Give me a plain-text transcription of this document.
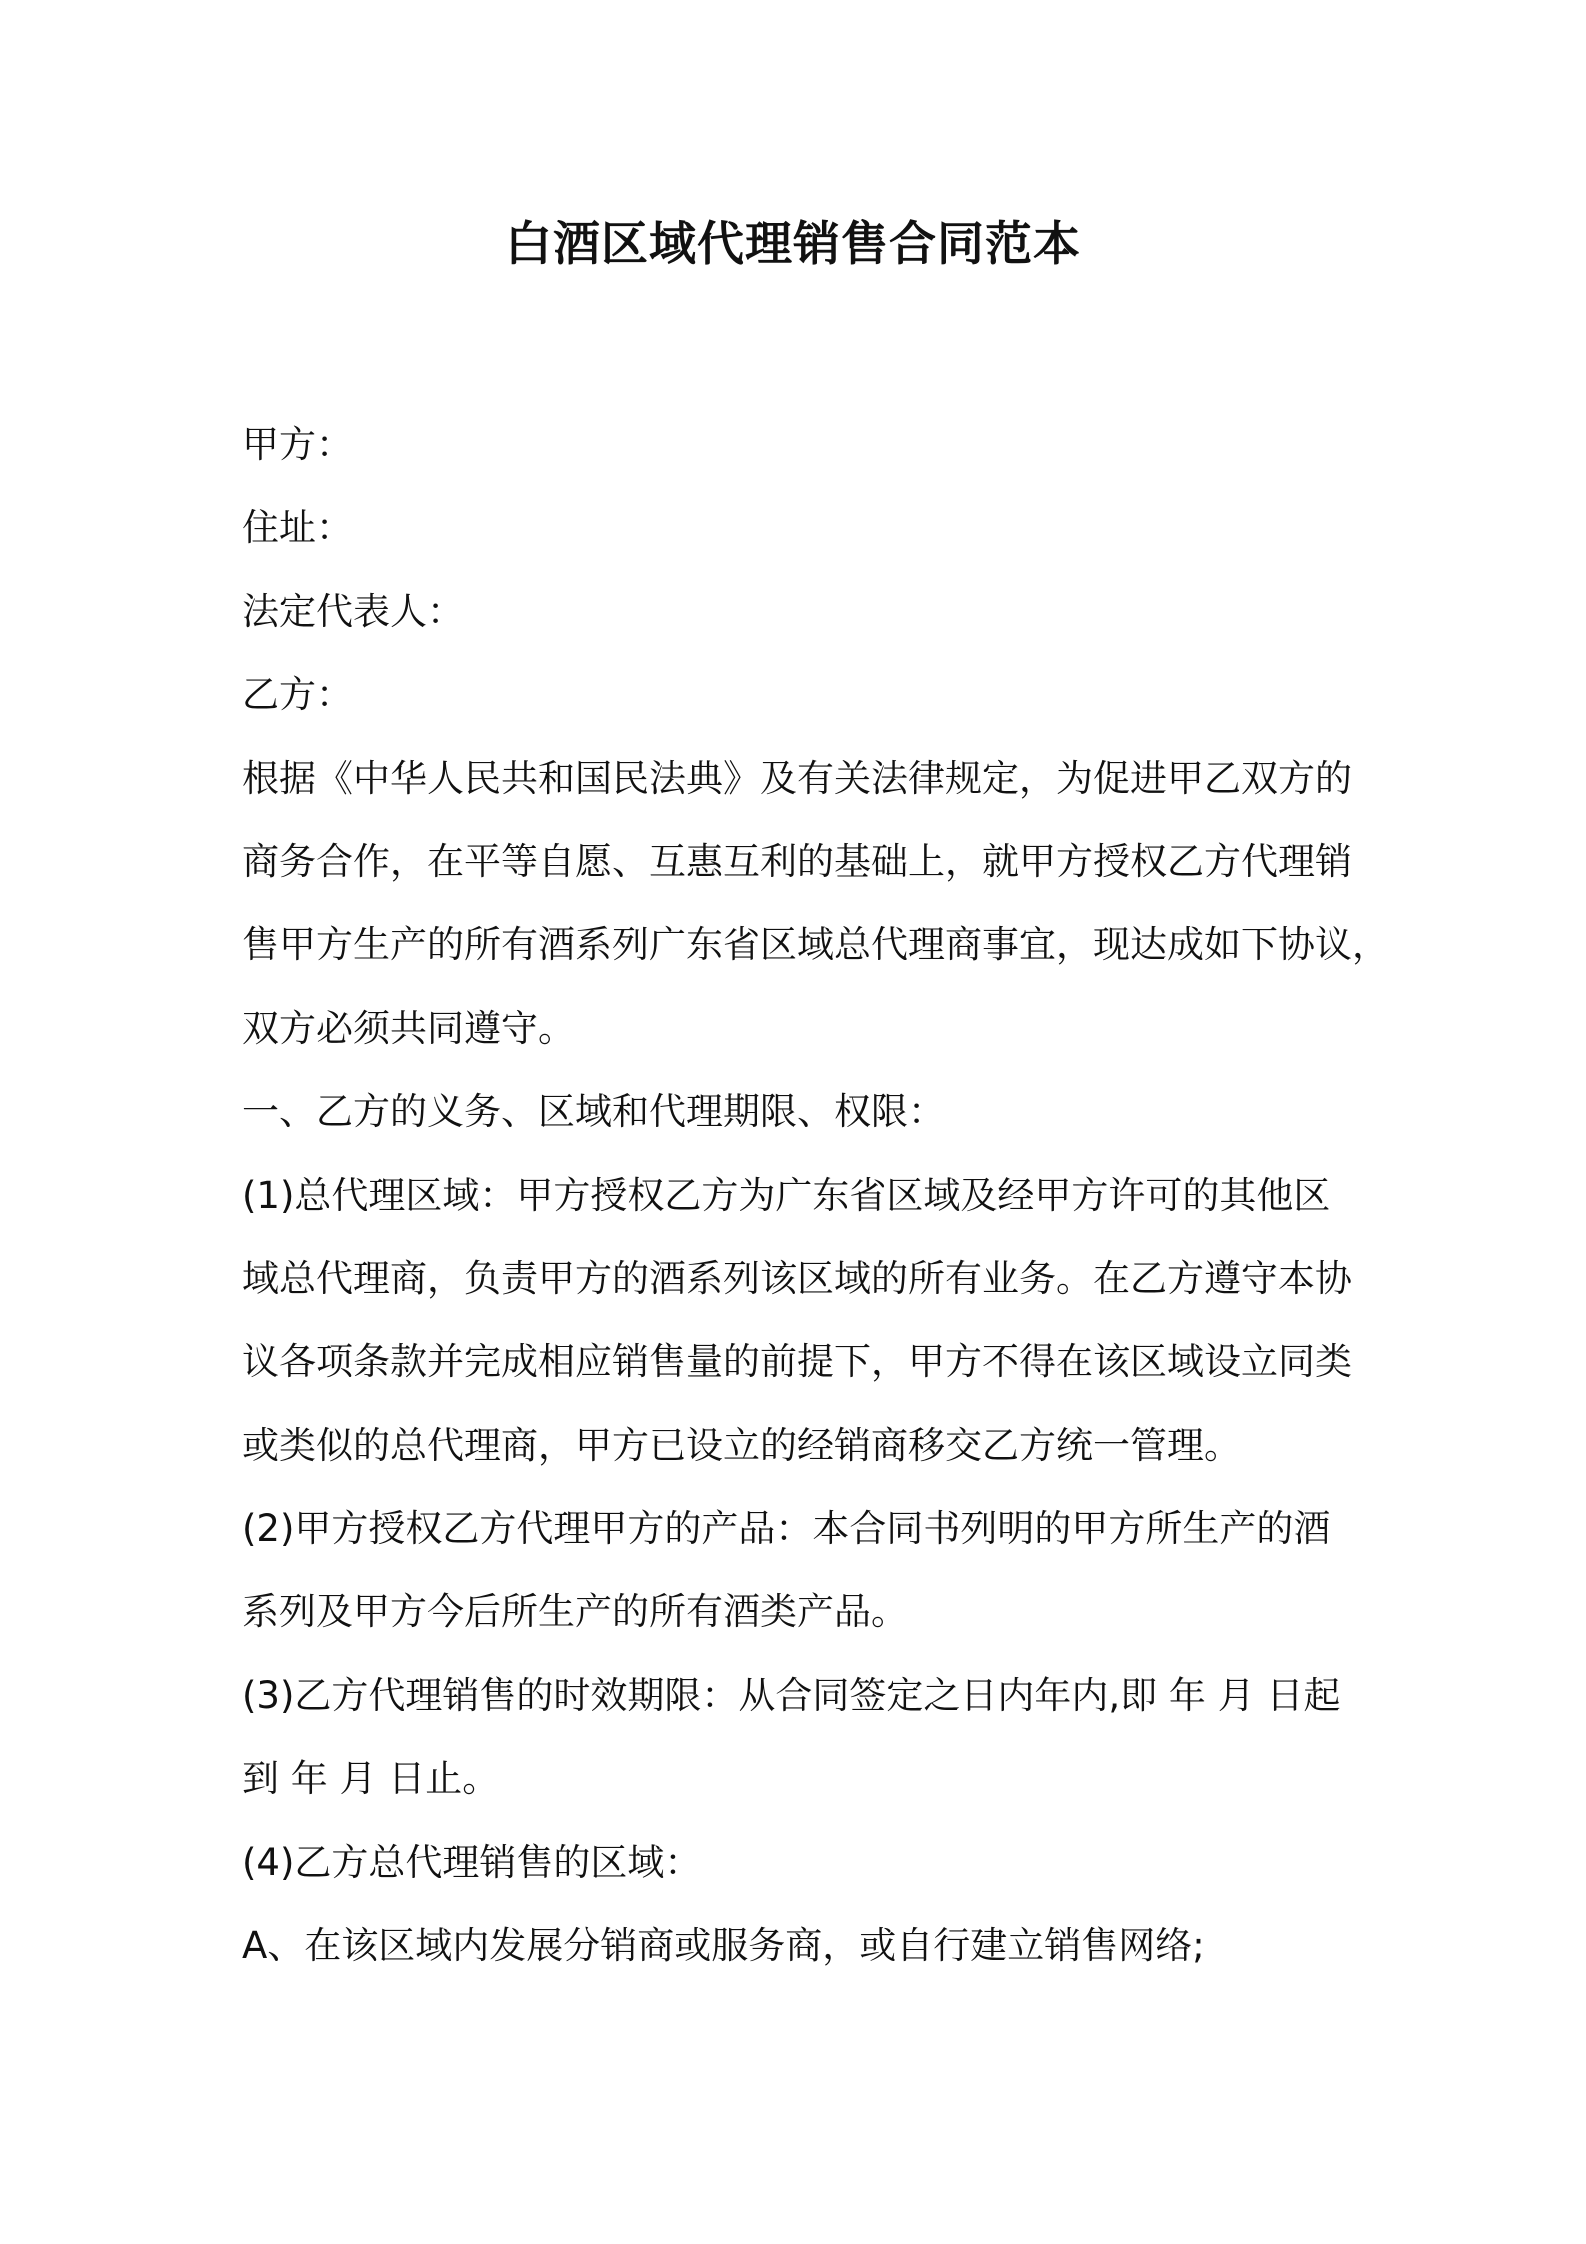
白酒区域代理销售合同范本
甲方：
住址：
法定代表人：
乙方：
根据《中华人民共和国民法典》及有关法律规定，为促进甲乙双方的
商务合作，在平等自愿、互惠互利的基础上，就甲方授权乙方代理销
售甲方生产的所有酒系列广东省区域总代理商事宜，现达成如下协议，
双方必须共同遵守。
一、乙方的义务、区域和代理期限、权限：
(1)总代理区域：甲方授权乙方为广东省区域及经甲方许可的其他区
域总代理商，负责甲方的酒系列该区域的所有业务。在乙方遵守本协
议各项条款并完成相应销售量的前提下，甲方不得在该区域设立同类
或类似的总代理商，甲方已设立的经销商移交乙方统一管理。
(2)甲方授权乙方代理甲方的产品：本合同书列明的甲方所生产的酒
系列及甲方今后所生产的所有酒类产品。
(3)乙方代理销售的时效期限：从合同签定之日内年内,即 年 月 日起
到 年 月 日止。
(4)乙方总代理销售的区域：
A、在该区域内发展分销商或服务商，或自行建立销售网络;
